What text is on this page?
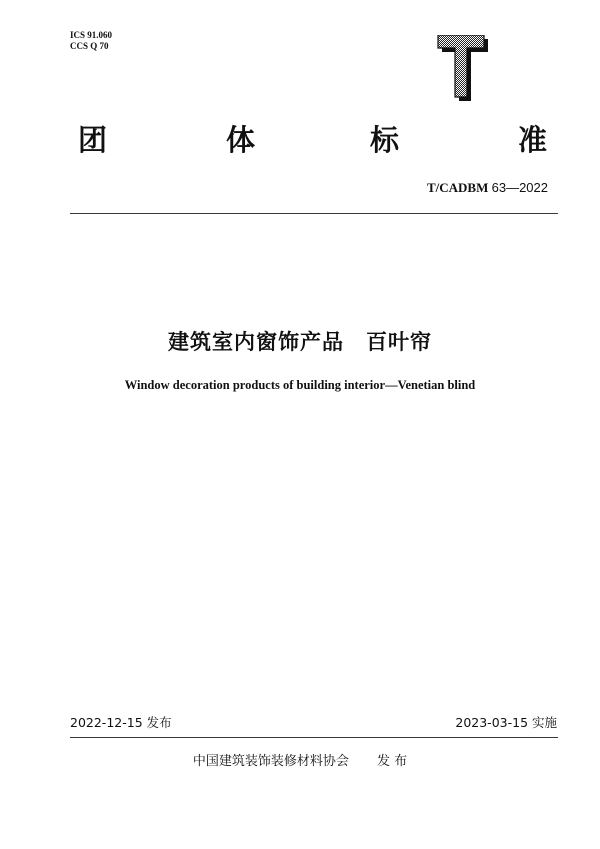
ICS 91.060
CCS Q 70
T
团	体	标	准
T/CADBM 63—2022
建筑室内窗饰产品 百叶帘
Window decoration products of building interior—Venetian blind
2022-12-15 发布	2023-03-15 实施
中国建筑装饰装修材料协会 发 布
